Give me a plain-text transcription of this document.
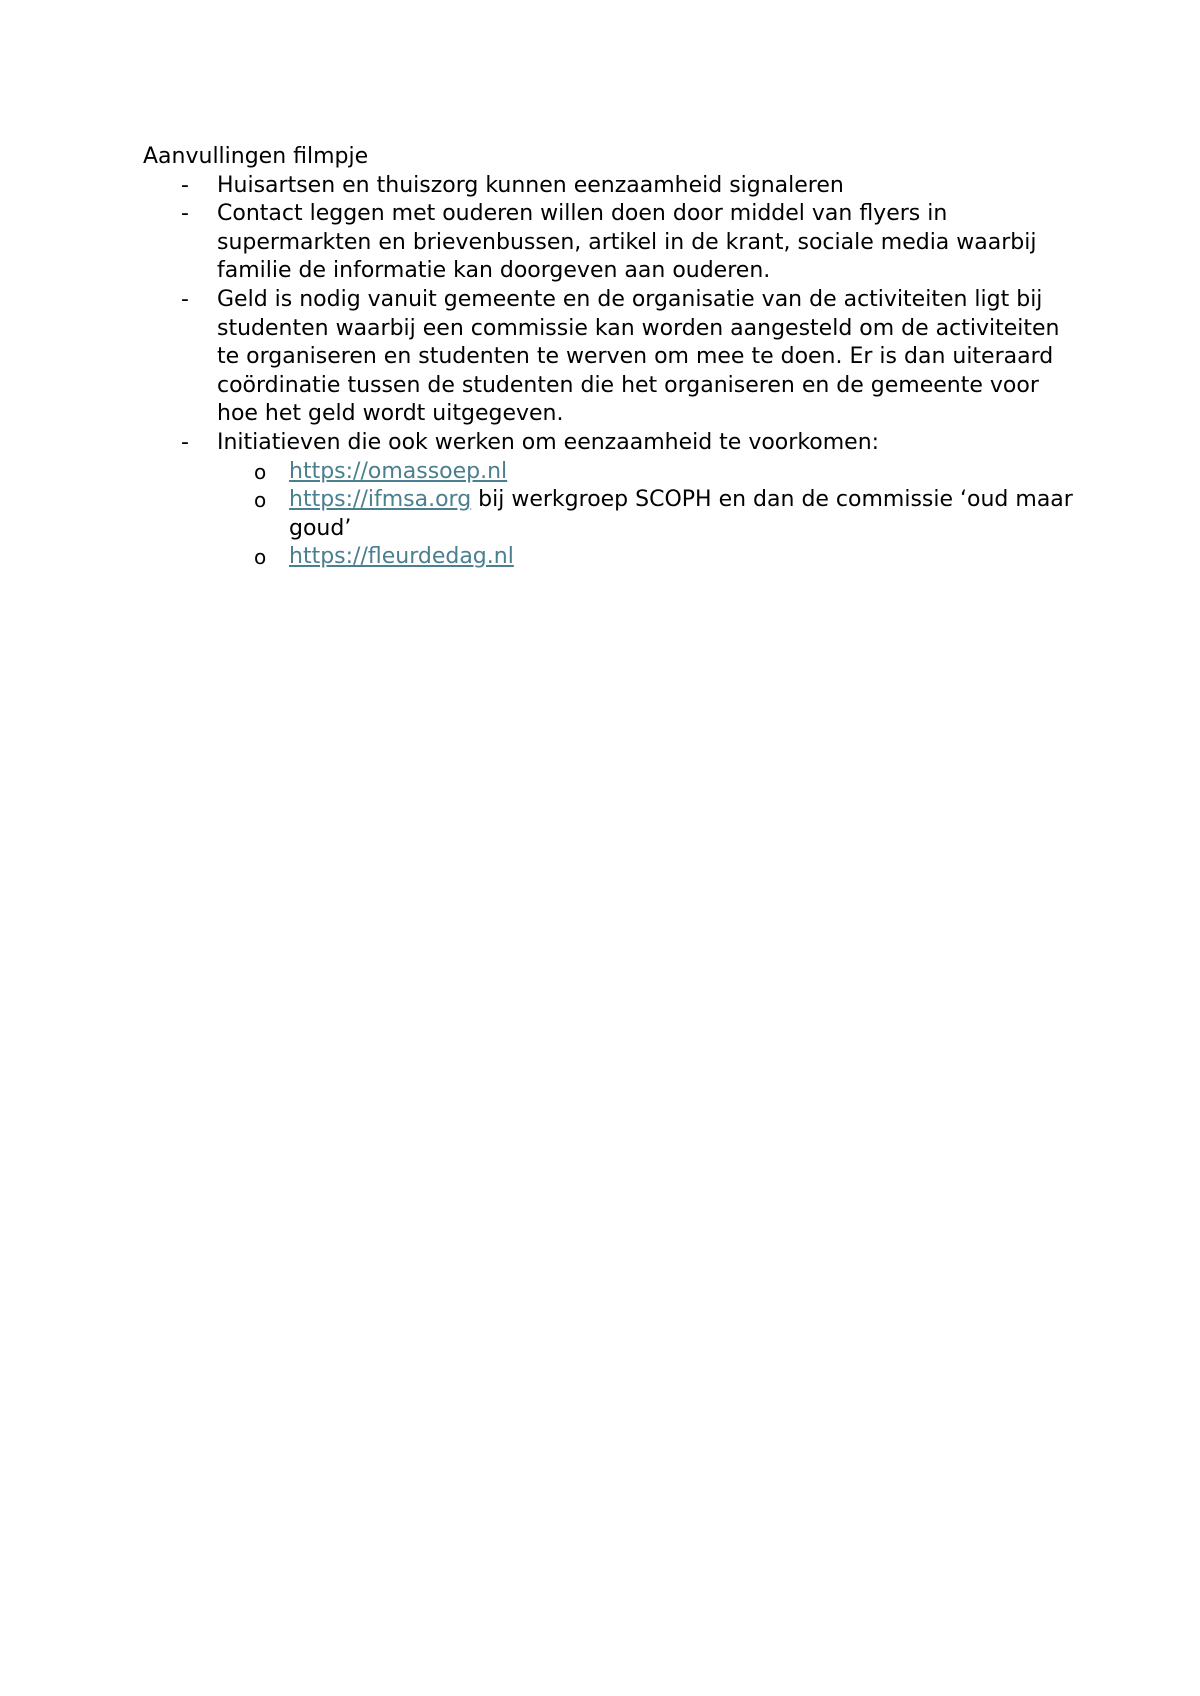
Aanvullingen filmpje

- Huisartsen en thuiszorg kunnen eenzaamheid signaleren
- Contact leggen met ouderen willen doen door middel van flyers in supermarkten en brievenbussen, artikel in de krant, sociale media waarbij familie de informatie kan doorgeven aan ouderen.
- Geld is nodig vanuit gemeente en de organisatie van de activiteiten ligt bij studenten waarbij een commissie kan worden aangesteld om de activiteiten te organiseren en studenten te werven om mee te doen. Er is dan uiteraard coördinatie tussen de studenten die het organiseren en de gemeente voor hoe het geld wordt uitgegeven.
- Initiatieven die ook werken om eenzaamheid te voorkomen:
o https://omassoep.nl
o https://ifmsa.org bij werkgroep SCOPH en dan de commissie ‘oud maar goud’
o https://fleurdedag.nl
